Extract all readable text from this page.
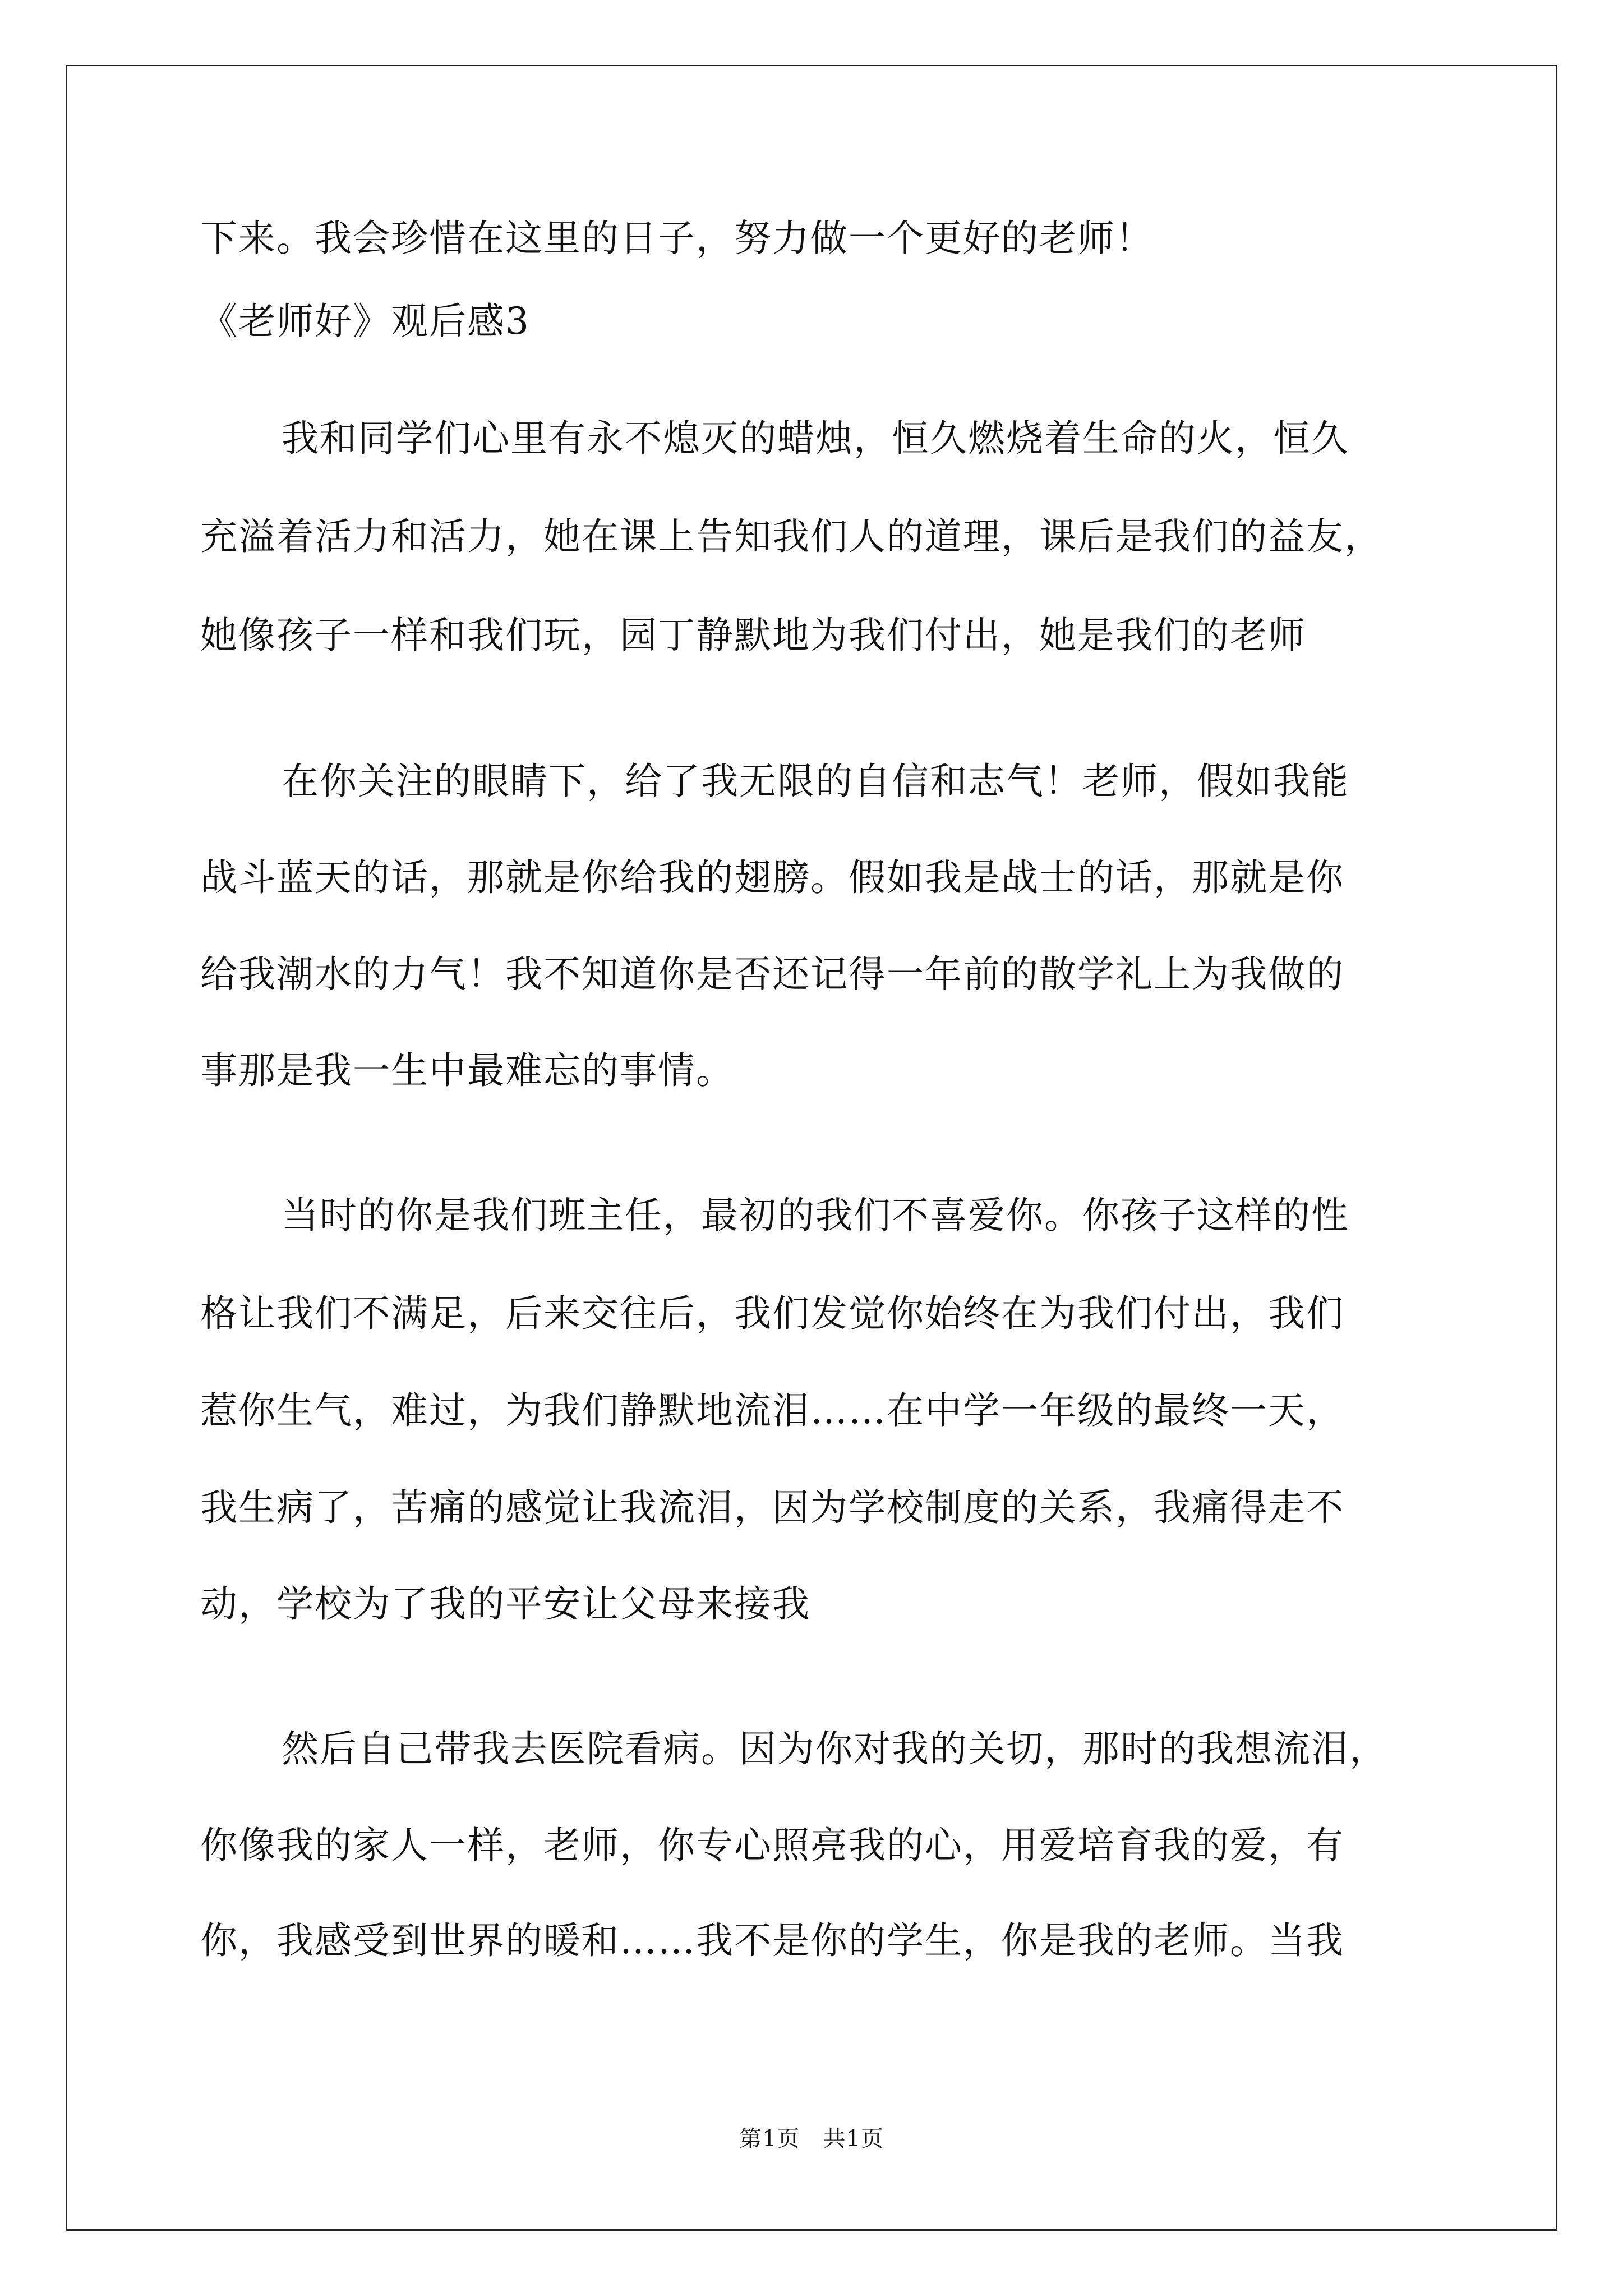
下来。我会珍惜在这里的日子，努力做一个更好的老师！
《老师好》观后感3
我和同学们心里有永不熄灭的蜡烛，恒久燃烧着生命的火，恒久
充溢着活力和活力，她在课上告知我们人的道理，课后是我们的益友，
她像孩子一样和我们玩，园丁静默地为我们付出，她是我们的老师
在你关注的眼睛下，给了我无限的自信和志气！老师，假如我能
战斗蓝天的话，那就是你给我的翅膀。假如我是战士的话，那就是你
给我潮水的力气！我不知道你是否还记得一年前的散学礼上为我做的
事那是我一生中最难忘的事情。
当时的你是我们班主任，最初的我们不喜爱你。你孩子这样的性
格让我们不满足，后来交往后，我们发觉你始终在为我们付出，我们
惹你生气，难过，为我们静默地流泪……在中学一年级的最终一天，
我生病了，苦痛的感觉让我流泪，因为学校制度的关系，我痛得走不
动，学校为了我的平安让父母来接我
然后自己带我去医院看病。因为你对我的关切，那时的我想流泪，
你像我的家人一样，老师，你专心照亮我的心，用爱培育我的爱，有
你，我感受到世界的暖和……我不是你的学生，你是我的老师。当我
第1页   共1页
